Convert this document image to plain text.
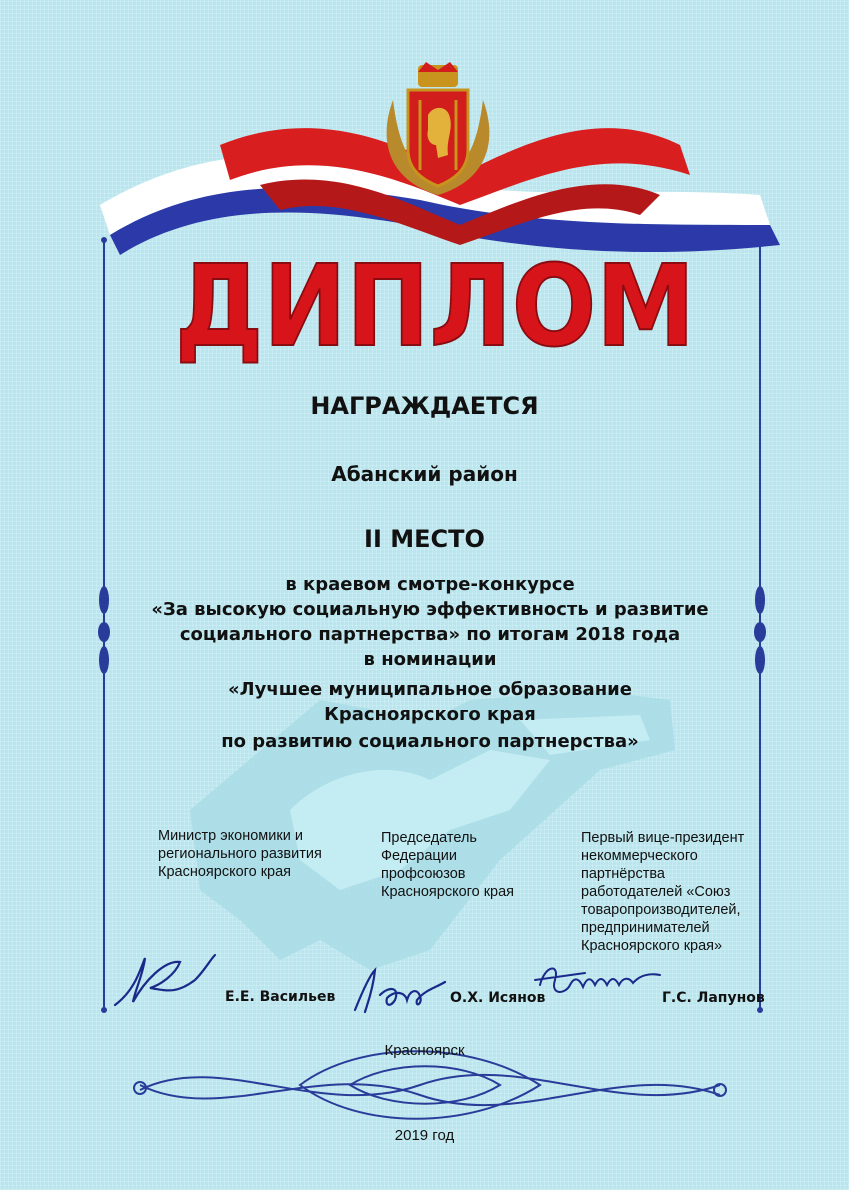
ДИПЛОМ
НАГРАЖДАЕТСЯ
Абанский район
II МЕСТО
в краевом смотре-конкурсе
«За высокую социальную эффективность и развитие
социального партнерства» по итогам 2018 года
в номинации
«Лучшее муниципальное образование
Красноярского края
по развитию социального партнерства»
Министр экономики и
регионального развития
Красноярского края
Председатель
Федерации
профсоюзов
Красноярского края
Первый вице-президент
некоммерческого
партнёрства
работодателей «Союз
товаропроизводителей,
предпринимателей
Красноярского края»
Е.Е. Васильев	О.Х. Исянов	Г.С. Лапунов
Красноярск
2019 год
